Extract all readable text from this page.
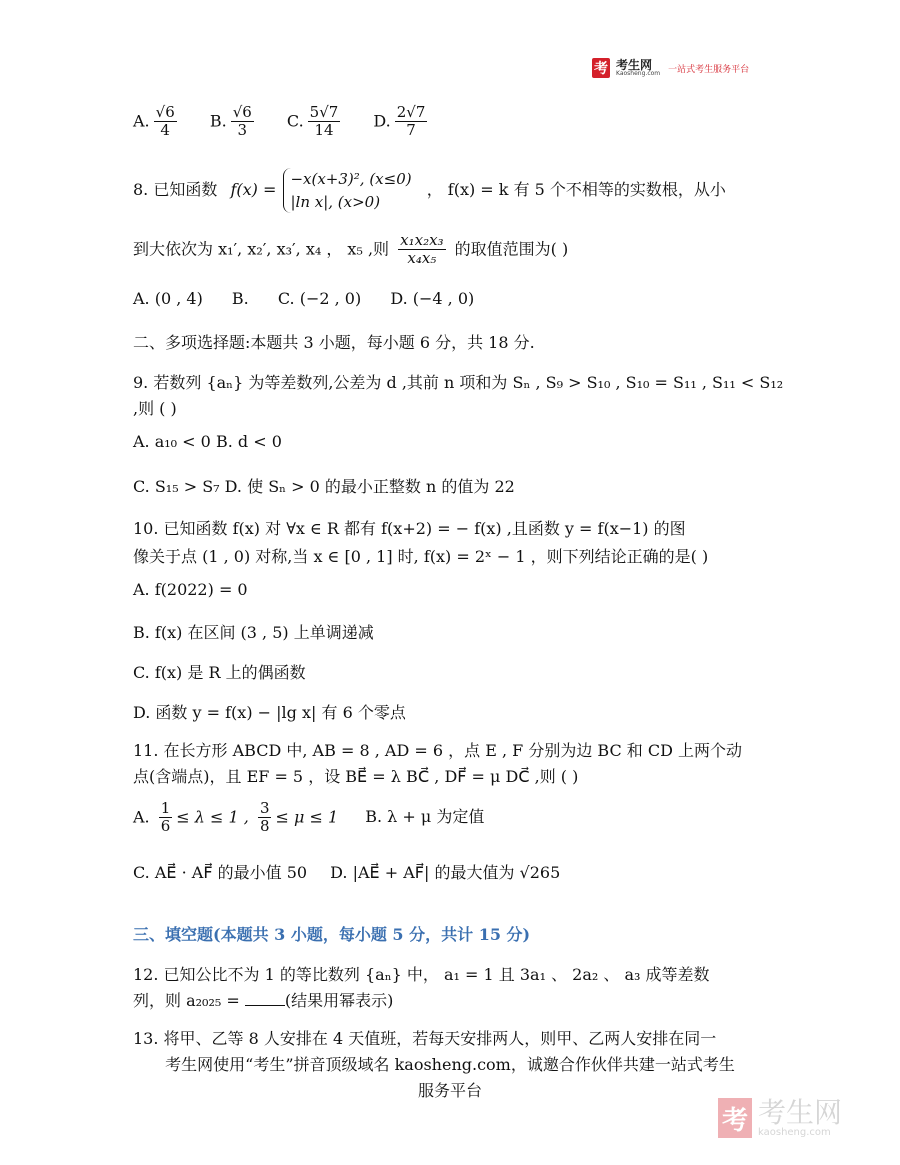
考 考生网
Kaosheng.com 一站式考生服务平台
A. $\frac{√6}{4} B$. $\frac{√6}{3} C$. $\frac{5√7}{14} D$. $\frac{2√7}{7}$
8. 已知函数 f(x) =
−x(x+3)², (x≤0)
|ln x|, (x>0)
， f(x) = k 有 5 个不相等的实数根，从小
到大依次为 x₁′, x₂′, x₃′, x₄ ， x₅ ,则 $\frac{\text{x₁x₂x₃}}{\text{x₄x₅}}$ 的取值范围为( )
A. (0 , 4) B. C. (−2 , 0) D. (−4 , 0)
二、多项选择题:本题共 3 小题，每小题 6 分，共 18 分.
9. 若数列 {aₙ} 为等差数列,公差为 d ,其前 n 项和为 Sₙ , S₉ > S₁₀ , S₁₀ = S₁₁ , S₁₁ < S₁₂
,则 ( )
A. a₁₀ < 0 B. d < 0
C. S₁₅ > S₇ D. 使 Sₙ > 0 的最小正整数 n 的值为 22
10. 已知函数 f(x) 对 ∀x ∈ R 都有 f(x+2) = − f(x) ,且函数 y = f(x−1) 的图
像关于点 (1 , 0) 对称,当 x ∈ [0 , 1] 时, f(x) = 2ˣ − 1 ，则下列结论正确的是( )
A. f(2022) = 0
B. f(x) 在区间 (3 , 5) 上单调递减
C. f(x) 是 R 上的偶函数
D. 函数 y = f(x) − |lg x| 有 6 个零点
11. 在长方形 ABCD 中, AB = 8 , AD = 6 ，点 E , F 分别为边 BC 和 CD 上两个动
点(含端点)，且 EF = 5 ，设 BE⃗ = λ BC⃗ , DF⃗ = μ DC⃗ ,则 ( )
A. $\frac{1}{6} \le \lambda \le 1$ , $\frac{3}{8} \le \mu \le 1$ B. λ + μ 为定值
C. AE⃗ · AF⃗ 的最小值 50 D. |AE⃗ + AF⃗| 的最大值为 √265
三、填空题(本题共 3 小题，每小题 5 分，共计 15 分)
12. 已知公比不为 1 的等比数列 {aₙ} 中， a₁ = 1 且 3a₁ 、 2a₂ 、 a₃ 成等差数
列，则 a₂₀₂₅ =	(结果用幂表示)
13. 将甲、乙等 8 人安排在 4 天值班，若每天安排两人，则甲、乙两人安排在同一
考生网使用“考生”拼音顶级域名 kaosheng.com，诚邀合作伙伴共建一站式考生
服务平台
考 考生网
kaosheng.com
